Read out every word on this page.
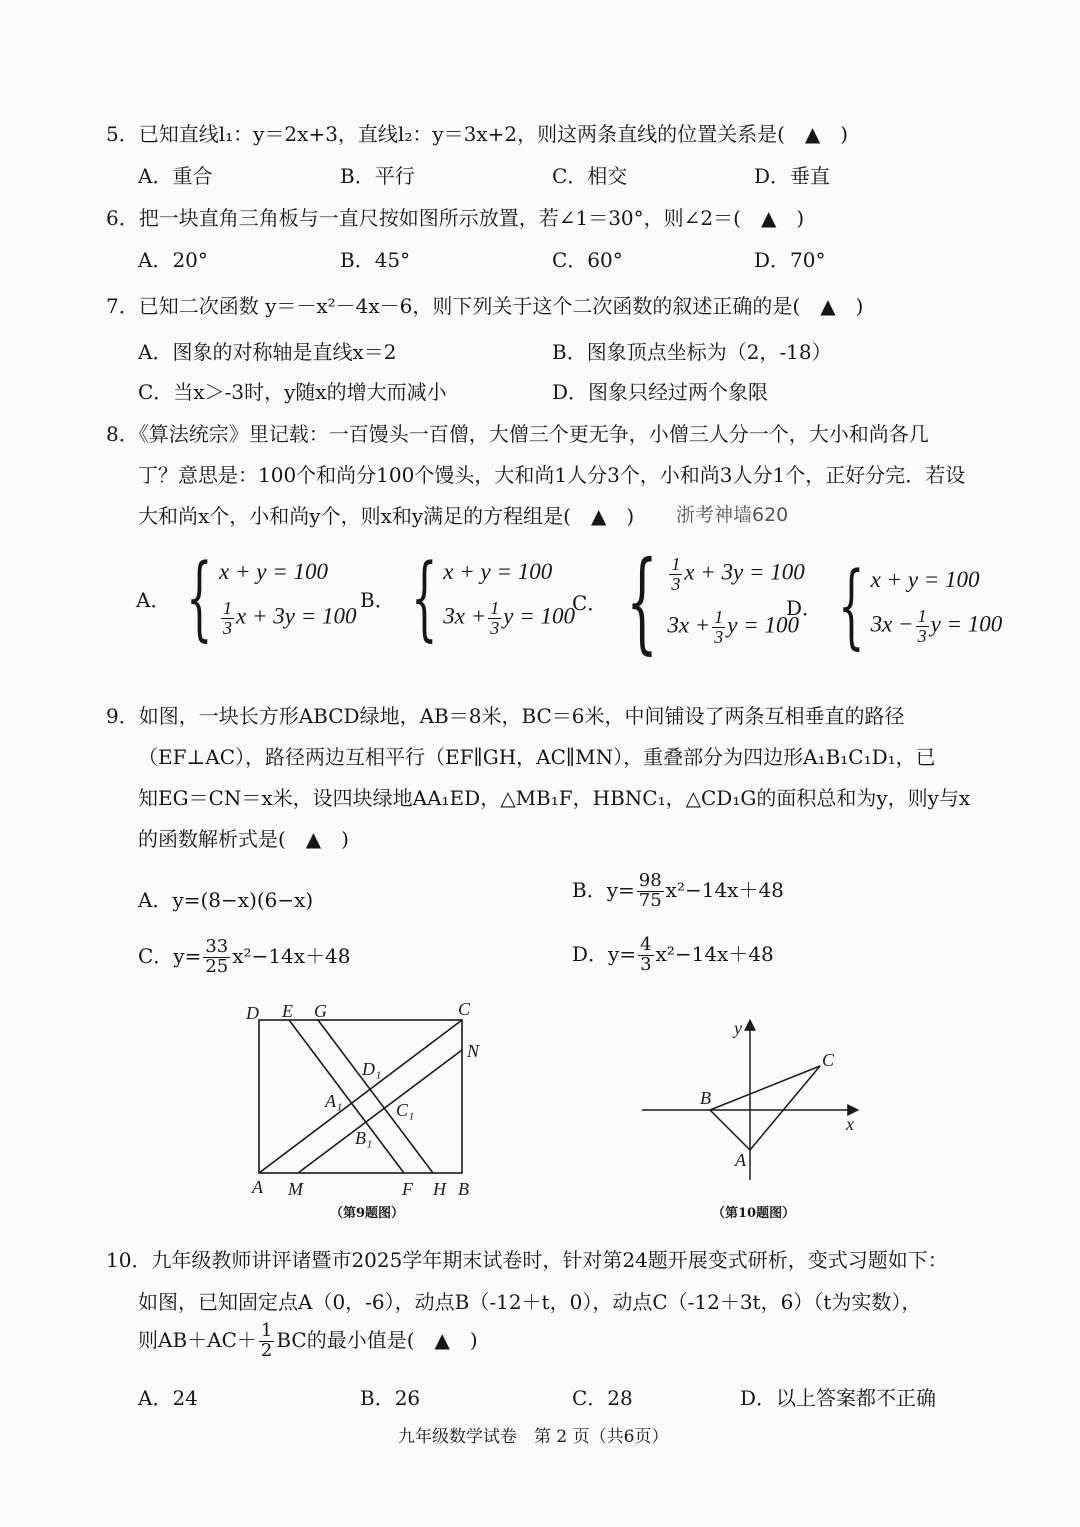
5．已知直线l₁：y＝2x+3，直线l₂：y＝3x+2，则这两条直线的位置关系是(　▲　)
A．重合	B．平行	C．相交	D．垂直
6．把一块直角三角板与一直尺按如图所示放置，若∠1＝30°，则∠2＝(　▲　)
A．20°	B．45°	C．60°	D．70°
7．已知二次函数 y＝－x²－4x－6，则下列关于这个二次函数的叙述正确的是(　▲　)
A．图象的对称轴是直线x＝2	B．图象顶点坐标为（2，-18）
C．当x＞-3时，y随x的增大而减小	D．图象只经过两个象限
8．《算法统宗》里记载：一百馒头一百僧，大僧三个更无争，小僧三人分一个，大小和尚各几
丁？意思是：100个和尚分100个馒头，大和尚1人分3个，小和尚3人分1个，正好分完．若设
大和尚x个，小和尚y个，则x和y满足的方程组是(　▲　) 浙考神墙620
A． { x + y = 100
$\frac{1}{3}$ x + 3y = 100
B． { x + y = 100
$3x + \frac{1}{3}$ y = 100
C． { $\frac{1}{3}$ x + 3y = 100
$3x + \frac{1}{3}$ y = 100
D． { x + y = 100
$3x - \frac{1}{3}$ y = 100
9．如图，一块长方形ABCD绿地，AB＝8米，BC＝6米，中间铺设了两条互相垂直的路径
（EF⊥AC），路径两边互相平行（EF∥GH，AC∥MN），重叠部分为四边形A₁B₁C₁D₁，已
知EG＝CN＝x米，设四块绿地AA₁ED，△MB₁F，HBNC₁，△CD₁G的面积总和为y，则y与x
的函数解析式是(　▲　)
A．y=(8−x)(6−x)	B．$y= \frac{98}{75} x^2-14x+48$
C．$y= \frac{33}{25} x^2-14x+48$	D．$y= \frac{4}{3} x^2-14x+48$
D E G	C
N
D₁
A₁	C₁
B₁
A M	F H B
（第9题图）
y
x
B
C
A
（第10题图）
10．九年级教师讲评诸暨市2025学年期末试卷时，针对第24题开展变式研析，变式习题如下：
如图，已知固定点A（0，-6），动点B（-12＋t，0），动点C（-12＋3t，6）（t为实数），
则$AB+AC+ \frac{1}{2}$ BC的最小值是(　▲　)
A．24	B．26	C．28	D．以上答案都不正确
九年级数学试卷　第 2 页（共6页）
